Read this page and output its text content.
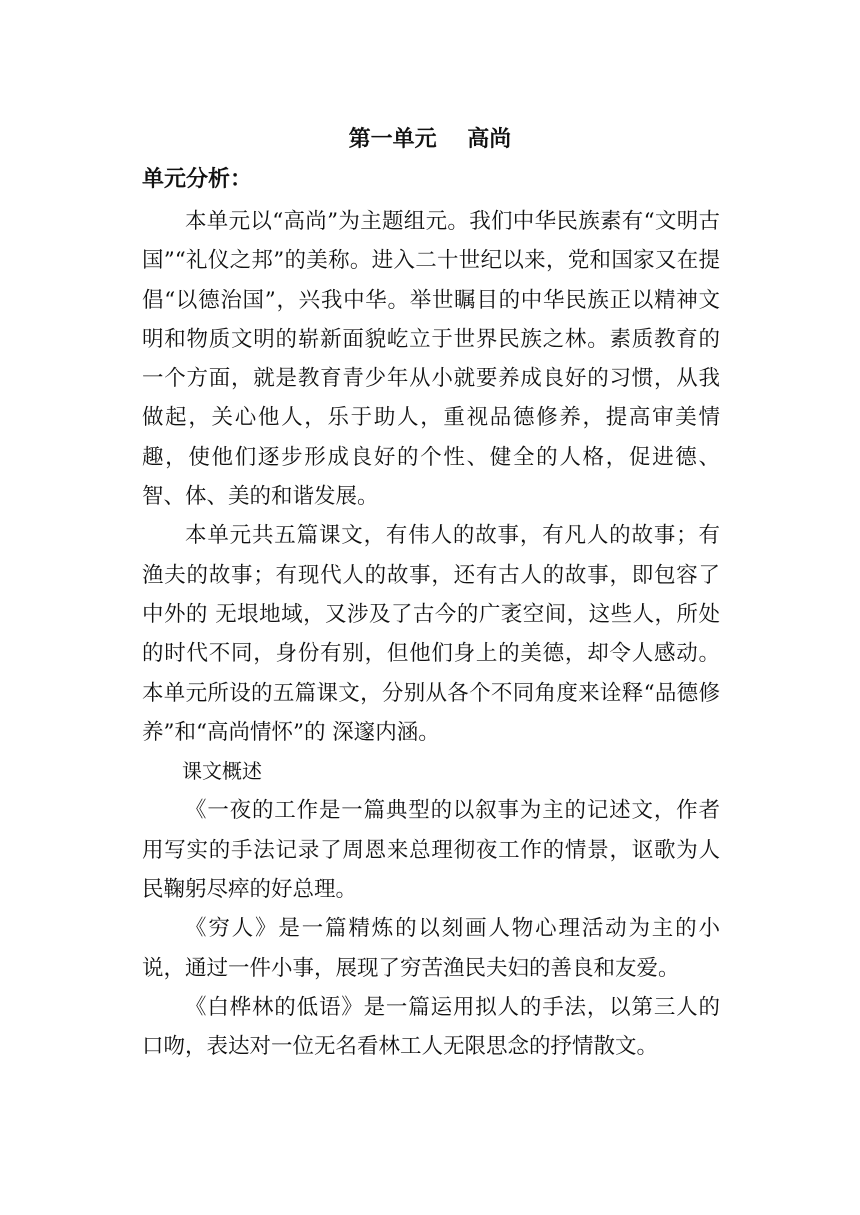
第一单元    高尚
单元分析：

本单元以“高尚”为主题组元。我们中华民族素有“文明古国”“礼仪之邦”的美称。进入二十世纪以来，党和国家又在提倡“以德治国”，兴我中华。举世瞩目的中华民族正以精神文明和物质文明的崭新面貌屹立于世界民族之林。素质教育的一个方面，就是教育青少年从小就要养成良好的习惯，从我做起，关心他人，乐于助人，重视品德修养，提高审美情趣，使他们逐步形成良好的个性、健全的人格，促进德、智、体、美的和谐发展。

本单元共五篇课文，有伟人的故事，有凡人的故事；有渔夫的故事；有现代人的故事，还有古人的故事，即包容了中外的 无垠地域，又涉及了古今的广袤空间，这些人，所处的时代不同，身份有别，但他们身上的美德，却令人感动。本单元所设的五篇课文，分别从各个不同角度来诠释“品德修养”和“高尚情怀”的 深邃内涵。

课文概述

《一夜的工作是一篇典型的以叙事为主的记述文，作者用写实的手法记录了周恩来总理彻夜工作的情景，讴歌为人民鞠躬尽瘁的好总理。

《穷人》是一篇精炼的以刻画人物心理活动为主的小说，通过一件小事，展现了穷苦渔民夫妇的善良和友爱。

《白桦林的低语》是一篇运用拟人的手法，以第三人的口吻，表达对一位无名看林工人无限思念的抒情散文。
